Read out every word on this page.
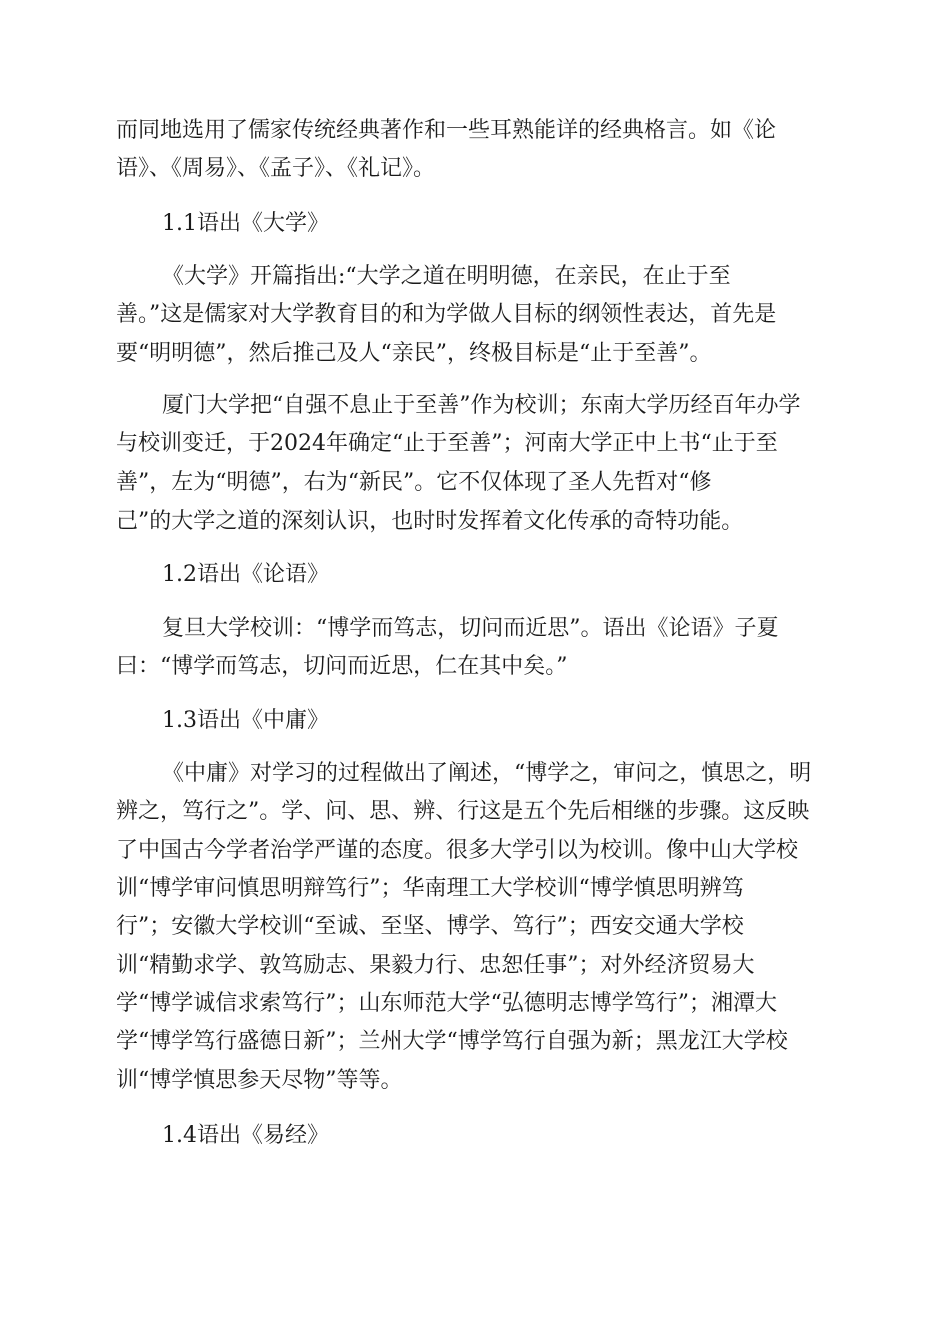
而同地选用了儒家传统经典著作和一些耳熟能详的经典格言。如《论
语》、《周易》、《孟子》、《礼记》。
1.1语出《大学》
《大学》开篇指出:“大学之道在明明德，在亲民，在止于至
善。”这是儒家对大学教育目的和为学做人目标的纲领性表达，首先是
要“明明德”，然后推己及人“亲民”，终极目标是“止于至善”。
厦门大学把“自强不息止于至善”作为校训；东南大学历经百年办学
与校训变迁，于2024年确定“止于至善”；河南大学正中上书“止于至
善”，左为“明德”，右为“新民”。它不仅体现了圣人先哲对“修
己”的大学之道的深刻认识，也时时发挥着文化传承的奇特功能。
1.2语出《论语》
复旦大学校训：“博学而笃志，切问而近思”。语出《论语》子夏
曰：“博学而笃志，切问而近思，仁在其中矣。”
1.3语出《中庸》
《中庸》对学习的过程做出了阐述，“博学之，审问之，慎思之，明
辨之，笃行之”。学、问、思、辨、行这是五个先后相继的步骤。这反映
了中国古今学者治学严谨的态度。很多大学引以为校训。像中山大学校
训“博学审问慎思明辩笃行”；华南理工大学校训“博学慎思明辨笃
行”；安徽大学校训“至诚、至坚、博学、笃行”；西安交通大学校
训“精勤求学、敦笃励志、果毅力行、忠恕任事”；对外经济贸易大
学“博学诚信求索笃行”；山东师范大学“弘德明志博学笃行”；湘潭大
学“博学笃行盛德日新”；兰州大学“博学笃行自强为新；黑龙江大学校
训“博学慎思参天尽物”等等。
1.4语出《易经》
